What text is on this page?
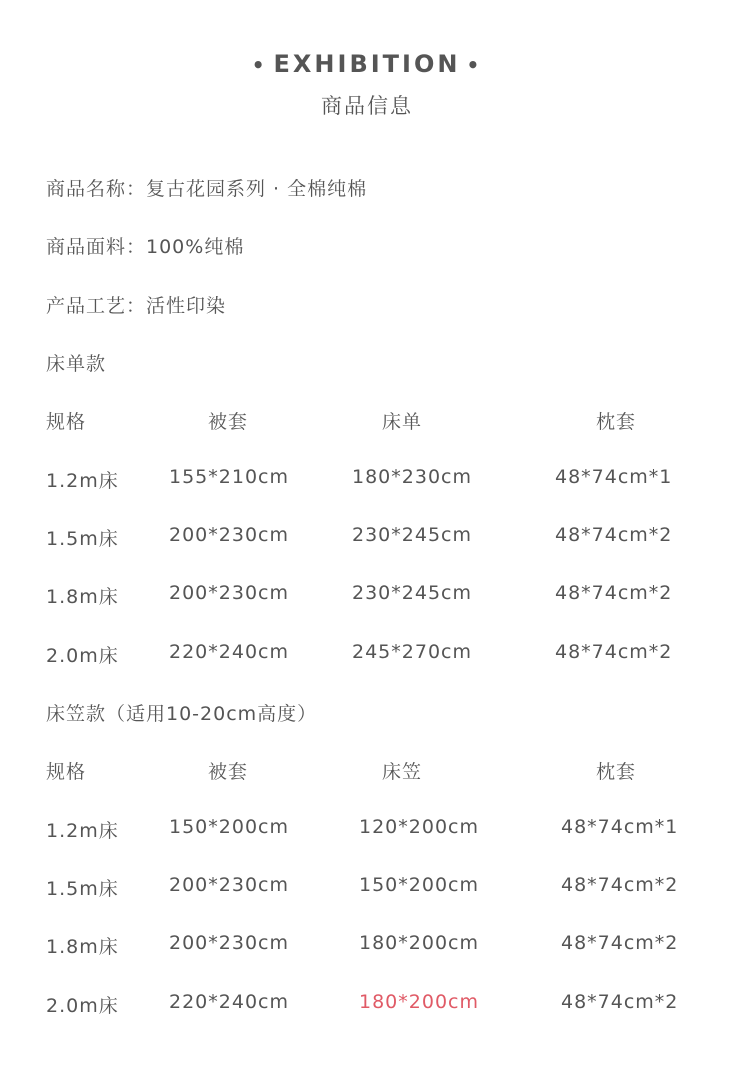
• EXHIBITION •
商品信息
商品名称：复古花园系列 · 全棉纯棉
商品面料：100%纯棉
产品工艺：活性印染
床单款
规格	被套	床单	枕套
1.2m床	155*210cm	180*230cm	48*74cm*1
1.5m床	200*230cm	230*245cm	48*74cm*2
1.8m床	200*230cm	230*245cm	48*74cm*2
2.0m床	220*240cm	245*270cm	48*74cm*2
床笠款（适用10-20cm高度）
规格	被套	床笠	枕套
1.2m床	150*200cm	120*200cm	48*74cm*1
1.5m床	200*230cm	150*200cm	48*74cm*2
1.8m床	200*230cm	180*200cm	48*74cm*2
2.0m床	220*240cm	180*200cm	48*74cm*2
